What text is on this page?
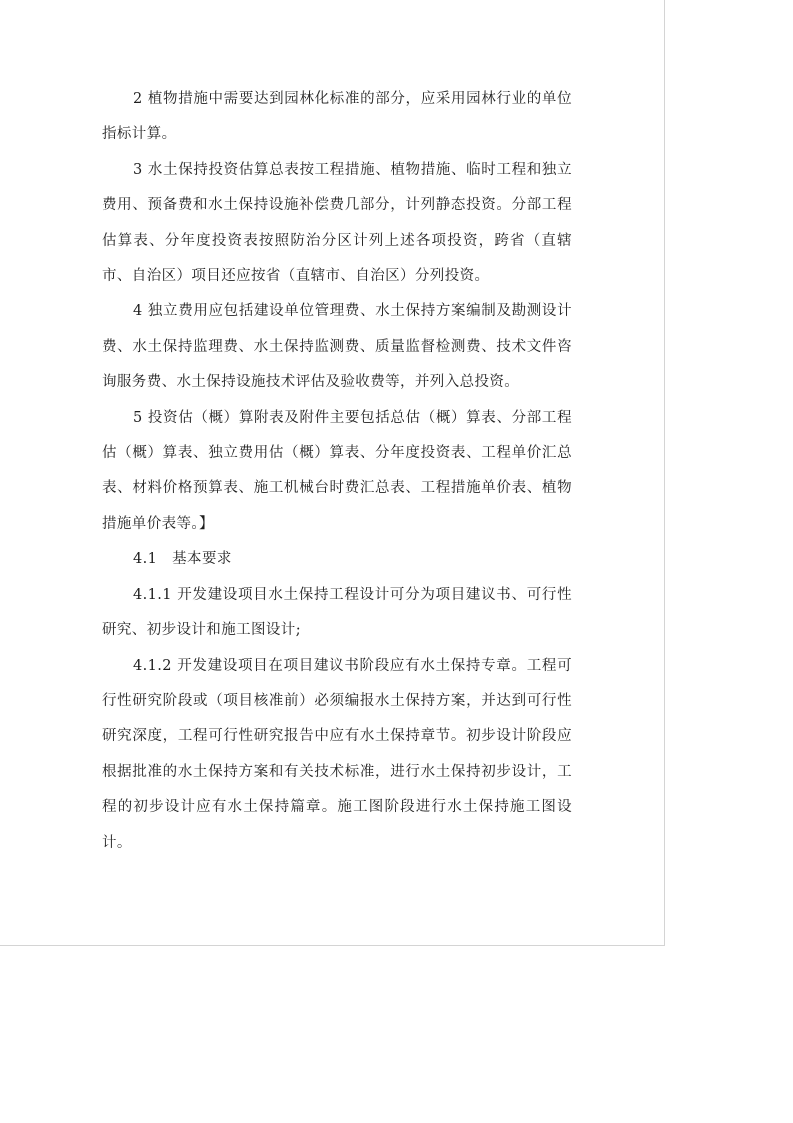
2 植物措施中需要达到园林化标准的部分，应采用园林行业的单位指标计算。

3 水土保持投资估算总表按工程措施、植物措施、临时工程和独立费用、预备费和水土保持设施补偿费几部分，计列静态投资。分部工程估算表、分年度投资表按照防治分区计列上述各项投资，跨省（直辖市、自治区）项目还应按省（直辖市、自治区）分列投资。

4 独立费用应包括建设单位管理费、水土保持方案编制及勘测设计费、水土保持监理费、水土保持监测费、质量监督检测费、技术文件咨询服务费、水土保持设施技术评估及验收费等，并列入总投资。

5 投资估（概）算附表及附件主要包括总估（概）算表、分部工程估（概）算表、独立费用估（概）算表、分年度投资表、工程单价汇总表、材料价格预算表、施工机械台时费汇总表、工程措施单价表、植物措施单价表等。】

4.1　基本要求

4.1.1 开发建设项目水土保持工程设计可分为项目建议书、可行性研究、初步设计和施工图设计;

4.1.2 开发建设项目在项目建议书阶段应有水土保持专章。工程可行性研究阶段或（项目核准前）必须编报水土保持方案，并达到可行性研究深度，工程可行性研究报告中应有水土保持章节。初步设计阶段应根据批准的水土保持方案和有关技术标准，进行水土保持初步设计，工程的初步设计应有水土保持篇章。施工图阶段进行水土保持施工图设计。
